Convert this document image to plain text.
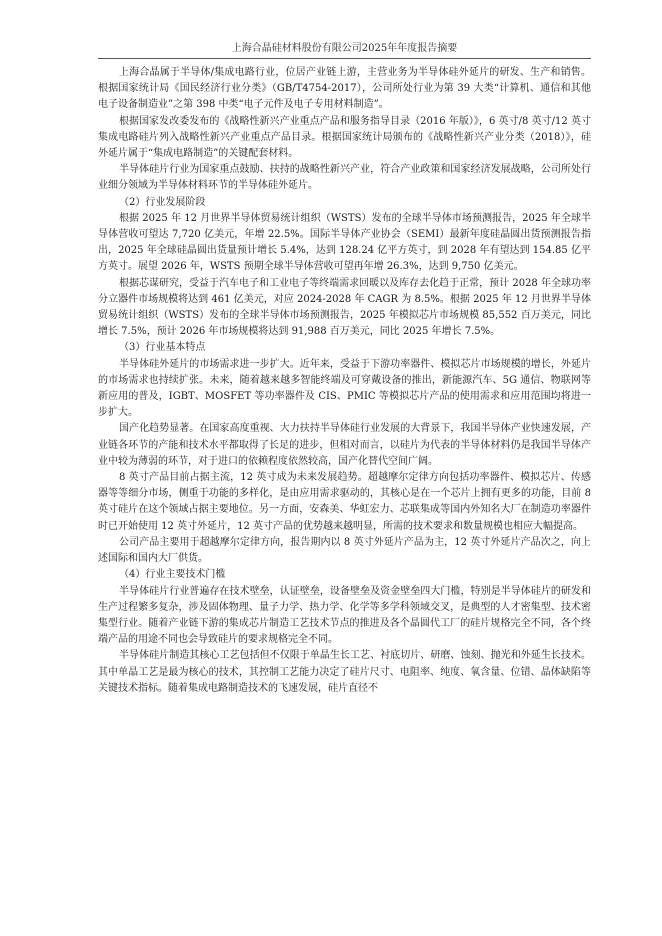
上海合晶硅材料股份有限公司2025年年度报告摘要

上海合晶属于半导体/集成电路行业，位居产业链上游，主营业务为半导体硅外延片的研发、生产和销售。根据国家统计局《国民经济行业分类》（GB/T4754-2017），公司所处行业为第 39 大类“计算机、通信和其他电子设备制造业”之第 398 中类“电子元件及电子专用材料制造”。

根据国家发改委发布的《战略性新兴产业重点产品和服务指导目录（2016 年版）》，6 英寸/8 英寸/12 英寸集成电路硅片列入战略性新兴产业重点产品目录。根据国家统计局颁布的《战略性新兴产业分类（2018）》，硅外延片属于“集成电路制造”的关键配套材料。

半导体硅片行业为国家重点鼓励、扶持的战略性新兴产业，符合产业政策和国家经济发展战略，公司所处行业细分领域为半导体材料环节的半导体硅外延片。

（2）行业发展阶段

根据 2025 年 12 月世界半导体贸易统计组织（WSTS）发布的全球半导体市场预测报告，2025 年全球半导体营收可望达 7,720 亿美元，年增 22.5%。国际半导体产业协会（SEMI）最新年度硅晶圆出货预测报告指出，2025 年全球硅晶圆出货量预计增长 5.4%，达到 128.24 亿平方英寸，到 2028 年有望达到 154.85 亿平方英寸。展望 2026 年，WSTS 预期全球半导体营收可望再年增 26.3%，达到 9,750 亿美元。

根据芯谋研究，受益于汽车电子和工业电子等终端需求回暖以及库存去化趋于正常，预计 2028 年全球功率分立器件市场规模将达到 461 亿美元，对应 2024-2028 年 CAGR 为 8.5%。根据 2025 年 12 月世界半导体贸易统计组织（WSTS）发布的全球半导体市场预测报告，2025 年模拟芯片市场规模 85,552 百万美元，同比增长 7.5%，预计 2026 年市场规模将达到 91,988 百万美元，同比 2025 年增长 7.5%。

（3）行业基本特点

半导体硅外延片的市场需求进一步扩大。近年来，受益于下游功率器件、模拟芯片市场规模的增长，外延片的市场需求也持续扩张。未来，随着越来越多智能终端及可穿戴设备的推出，新能源汽车、5G 通信、物联网等新应用的普及，IGBT、MOSFET 等功率器件及 CIS、PMIC 等模拟芯片产品的使用需求和应用范围均将进一步扩大。

国产化趋势显著。在国家高度重视、大力扶持半导体硅行业发展的大背景下，我国半导体产业快速发展，产业链各环节的产能和技术水平都取得了长足的进步，但相对而言，以硅片为代表的半导体材料仍是我国半导体产业中较为薄弱的环节，对于进口的依赖程度依然较高，国产化替代空间广阔。

8 英寸产品目前占据主流，12 英寸成为未来发展趋势。超越摩尔定律方向包括功率器件、模拟芯片、传感器等等细分市场，侧重于功能的多样化，是由应用需求驱动的，其核心是在一个芯片上拥有更多的功能，目前 8 英寸硅片在这个领域占据主要地位。另一方面，安森美、华虹宏力、芯联集成等国内外知名大厂在制造功率器件时已开始使用 12 英寸外延片，12 英寸产品的优势越来越明显，所需的技术要求和数量规模也相应大幅提高。

公司产品主要用于超越摩尔定律方向，报告期内以 8 英寸外延片产品为主，12 英寸外延片产品次之，向上述国际和国内大厂供货。

（4）行业主要技术门槛

半导体硅片行业普遍存在技术壁垒，认证壁垒，设备壁垒及资金壁垒四大门槛，特别是半导体硅片的研发和生产过程繁多复杂，涉及固体物理、量子力学、热力学、化学等多学科领域交叉，是典型的人才密集型、技术密集型行业。随着产业链下游的集成芯片制造工艺技术节点的推进及各个晶圆代工厂的硅片规格完全不同，各个终端产品的用途不同也会导致硅片的要求规格完全不同。

半导体硅片制造其核心工艺包括但不仅限于单晶生长工艺、衬底切片、研磨、蚀刻、抛光和外延生长技术。其中单晶工艺是最为核心的技术，其控制工艺能力决定了硅片尺寸、电阻率、纯度、氧含量、位错、晶体缺陷等关键技术指标。随着集成电路制造技术的飞速发展，硅片直径不
